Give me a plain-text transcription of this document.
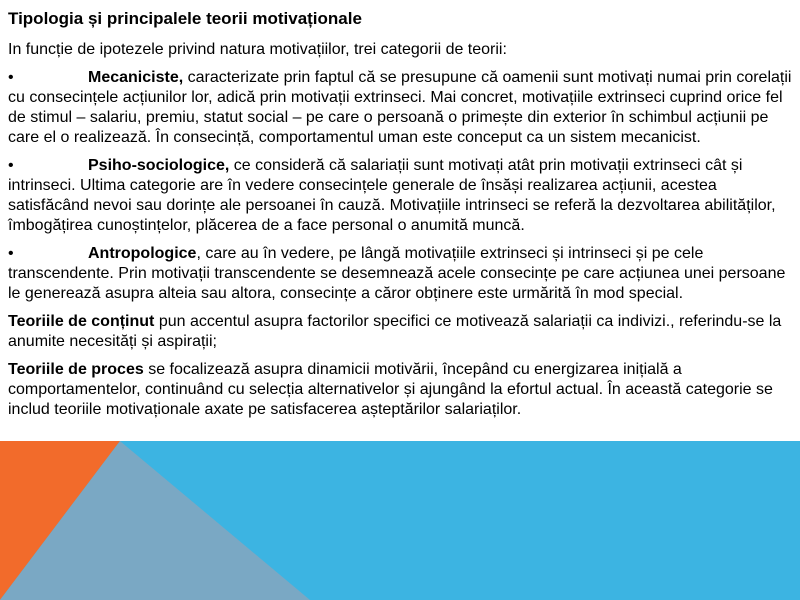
Tipologia și principalele teorii motivaționale
In funcție de ipotezele privind natura motivațiilor, trei categorii de teorii:
•	Mecaniciste, caracterizate prin faptul că se presupune că oamenii sunt motivați numai prin corelații cu consecințele acțiunilor lor, adică prin motivații extrinseci. Mai concret, motivațiile extrinseci cuprind orice fel de stimul – salariu, premiu, statut social – pe care o persoană o primește din exterior în schimbul acțiunii pe care el o realizează. În consecință, comportamentul uman este conceput ca un sistem mecanicist.
•	Psiho-sociologice, ce consideră că salariații sunt motivați atât prin motivații extrinseci cât și intrinseci. Ultima categorie are în vedere consecințele generale de însăși realizarea acțiunii, acestea satisfăcând nevoi sau dorințe ale persoanei în cauză. Motivațiile intrinseci se referă la dezvoltarea abilităților, îmbogățirea cunoștințelor, plăcerea de a face personal o anumită muncă.
•	Antropologice, care au în vedere, pe lângă motivațiile extrinseci și intrinseci și pe cele transcendente. Prin motivații transcendente se desemnează acele consecințe pe care acțiunea unei persoane le generează asupra alteia sau altora, consecințe a căror obținere este urmărită în mod special.
Teoriile de conținut pun accentul asupra factorilor specifici ce motivează salariații ca indivizi., referindu-se la anumite necesități și aspirații;
Teoriile de proces se focalizează asupra dinamicii motivării, începând cu energizarea inițială a comportamentelor, continuând cu selecția alternativelor și ajungând la efortul actual. În această categorie se includ teoriile motivaționale axate pe satisfacerea așteptărilor salariaților.
